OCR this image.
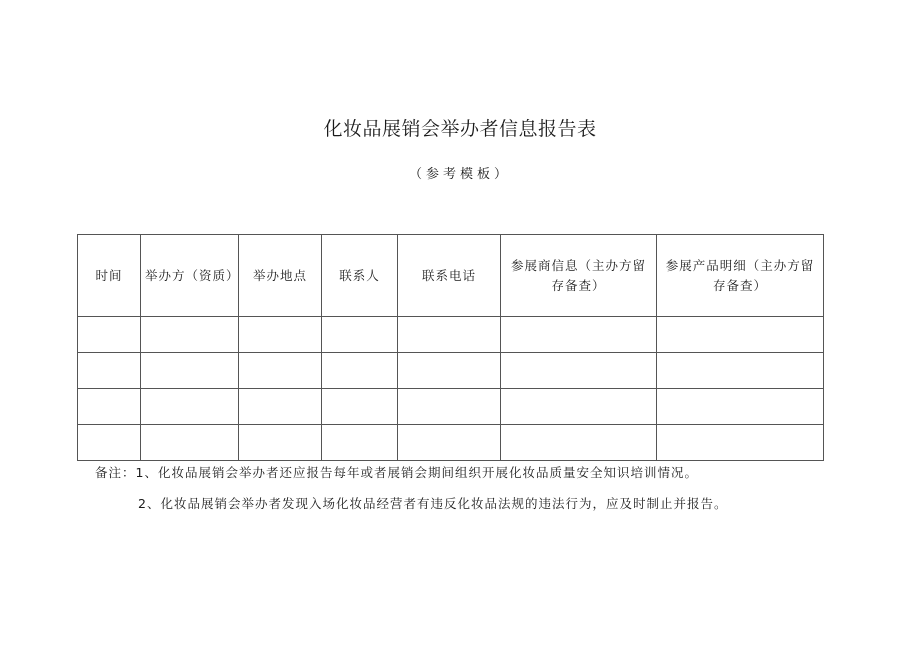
化妆品展销会举办者信息报告表
（参考模板）
时间	举办方（资质）	举办地点	联系人	联系电话	参展商信息（主办方留存备查）	参展产品明细（主办方留存备查）

备注：1、化妆品展销会举办者还应报告每年或者展销会期间组织开展化妆品质量安全知识培训情况。
2、化妆品展销会举办者发现入场化妆品经营者有违反化妆品法规的违法行为，应及时制止并报告。
